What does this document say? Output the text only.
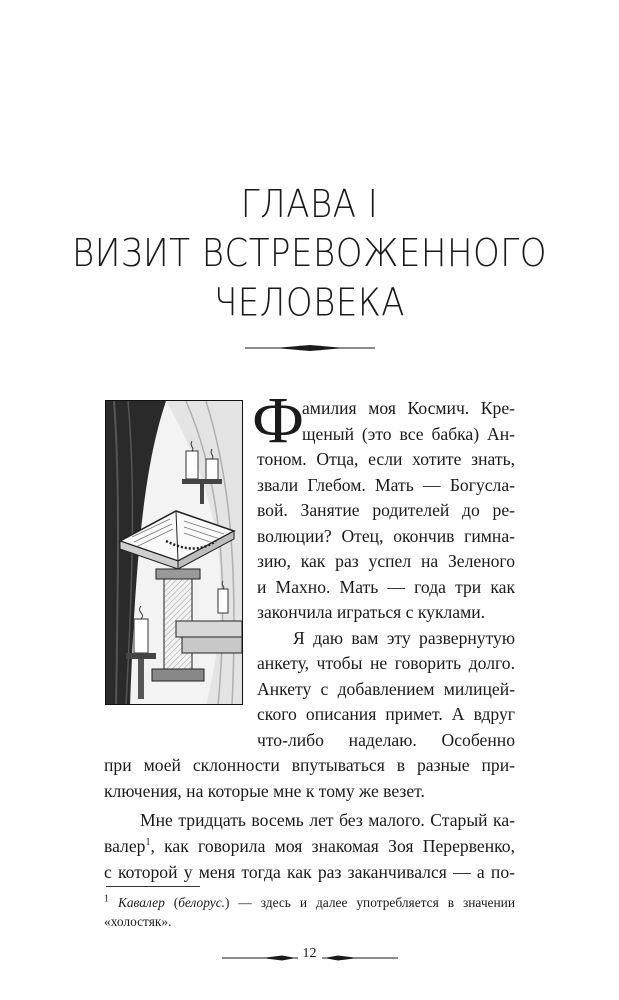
ГЛАВА I
ВИЗИТ ВСТРЕВОЖЕННОГО
ЧЕЛОВЕКА
Ф
амилия моя Космич. Кре-
щеный (это все бабка) Ан-
тоном. Отца, если хотите знать,
звали Глебом. Мать — Богусла-
вой. Занятие родителей до ре-
волюции? Отец, окончив гимна-
зию, как раз успел на Зеленого
и Махно. Мать — года три как
закончила играться с куклами.
Я даю вам эту развернутую
анкету, чтобы не говорить долго.
Анкету с добавлением милицей-
ского описания примет. А вдруг
что-либо наделаю. Особенно
при моей склонности впутываться в разные при-
ключения, на которые мне к тому же везет.
Мне тридцать восемь лет без малого. Старый ка-
валер$^1$, как говорила моя знакомая Зоя Перервенко,
с которой у меня тогда как раз заканчивался — а по-
$^1$ Кавалер (белорус.) — здесь и далее употребляется в значении
«холостяк».
12
